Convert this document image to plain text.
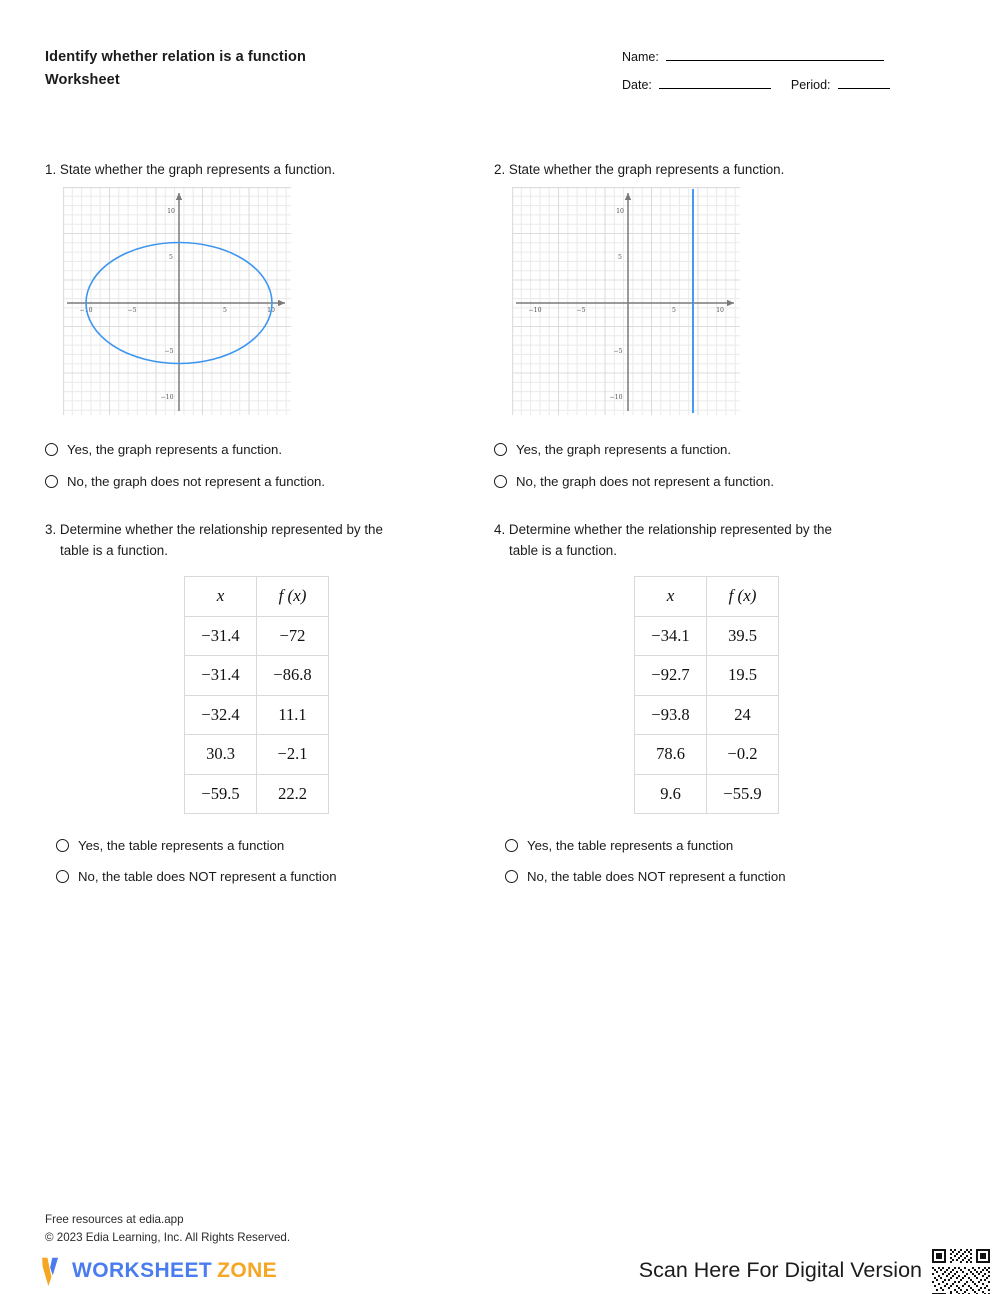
Identify whether relation is a function
Worksheet
Name:
Date:	Period:
1. State whether the graph represents a function.
−10	−5	5	10
10
5
−5
−10
Yes, the graph represents a function.
No, the graph does not represent a function.
2. State whether the graph represents a function.
−10	−5	5	10
10
5
−5
−10
Yes, the graph represents a function.
No, the graph does not represent a function.
3. Determine whether the relationship represented by the
table is a function.
x	f (x)
−31.4	−72
−31.4	−86.8
−32.4	11.1
30.3	−2.1
−59.5	22.2
Yes, the table represents a function
No, the table does NOT represent a function
4. Determine whether the relationship represented by the
table is a function.
x	f (x)
−34.1	39.5
−92.7	19.5
−93.8	24
78.6	−0.2
9.6	−55.9
Yes, the table represents a function
No, the table does NOT represent a function
Free resources at edia.app
© 2023 Edia Learning, Inc. All Rights Reserved.
WORKSHEET ZONE	Scan Here For Digital Version
